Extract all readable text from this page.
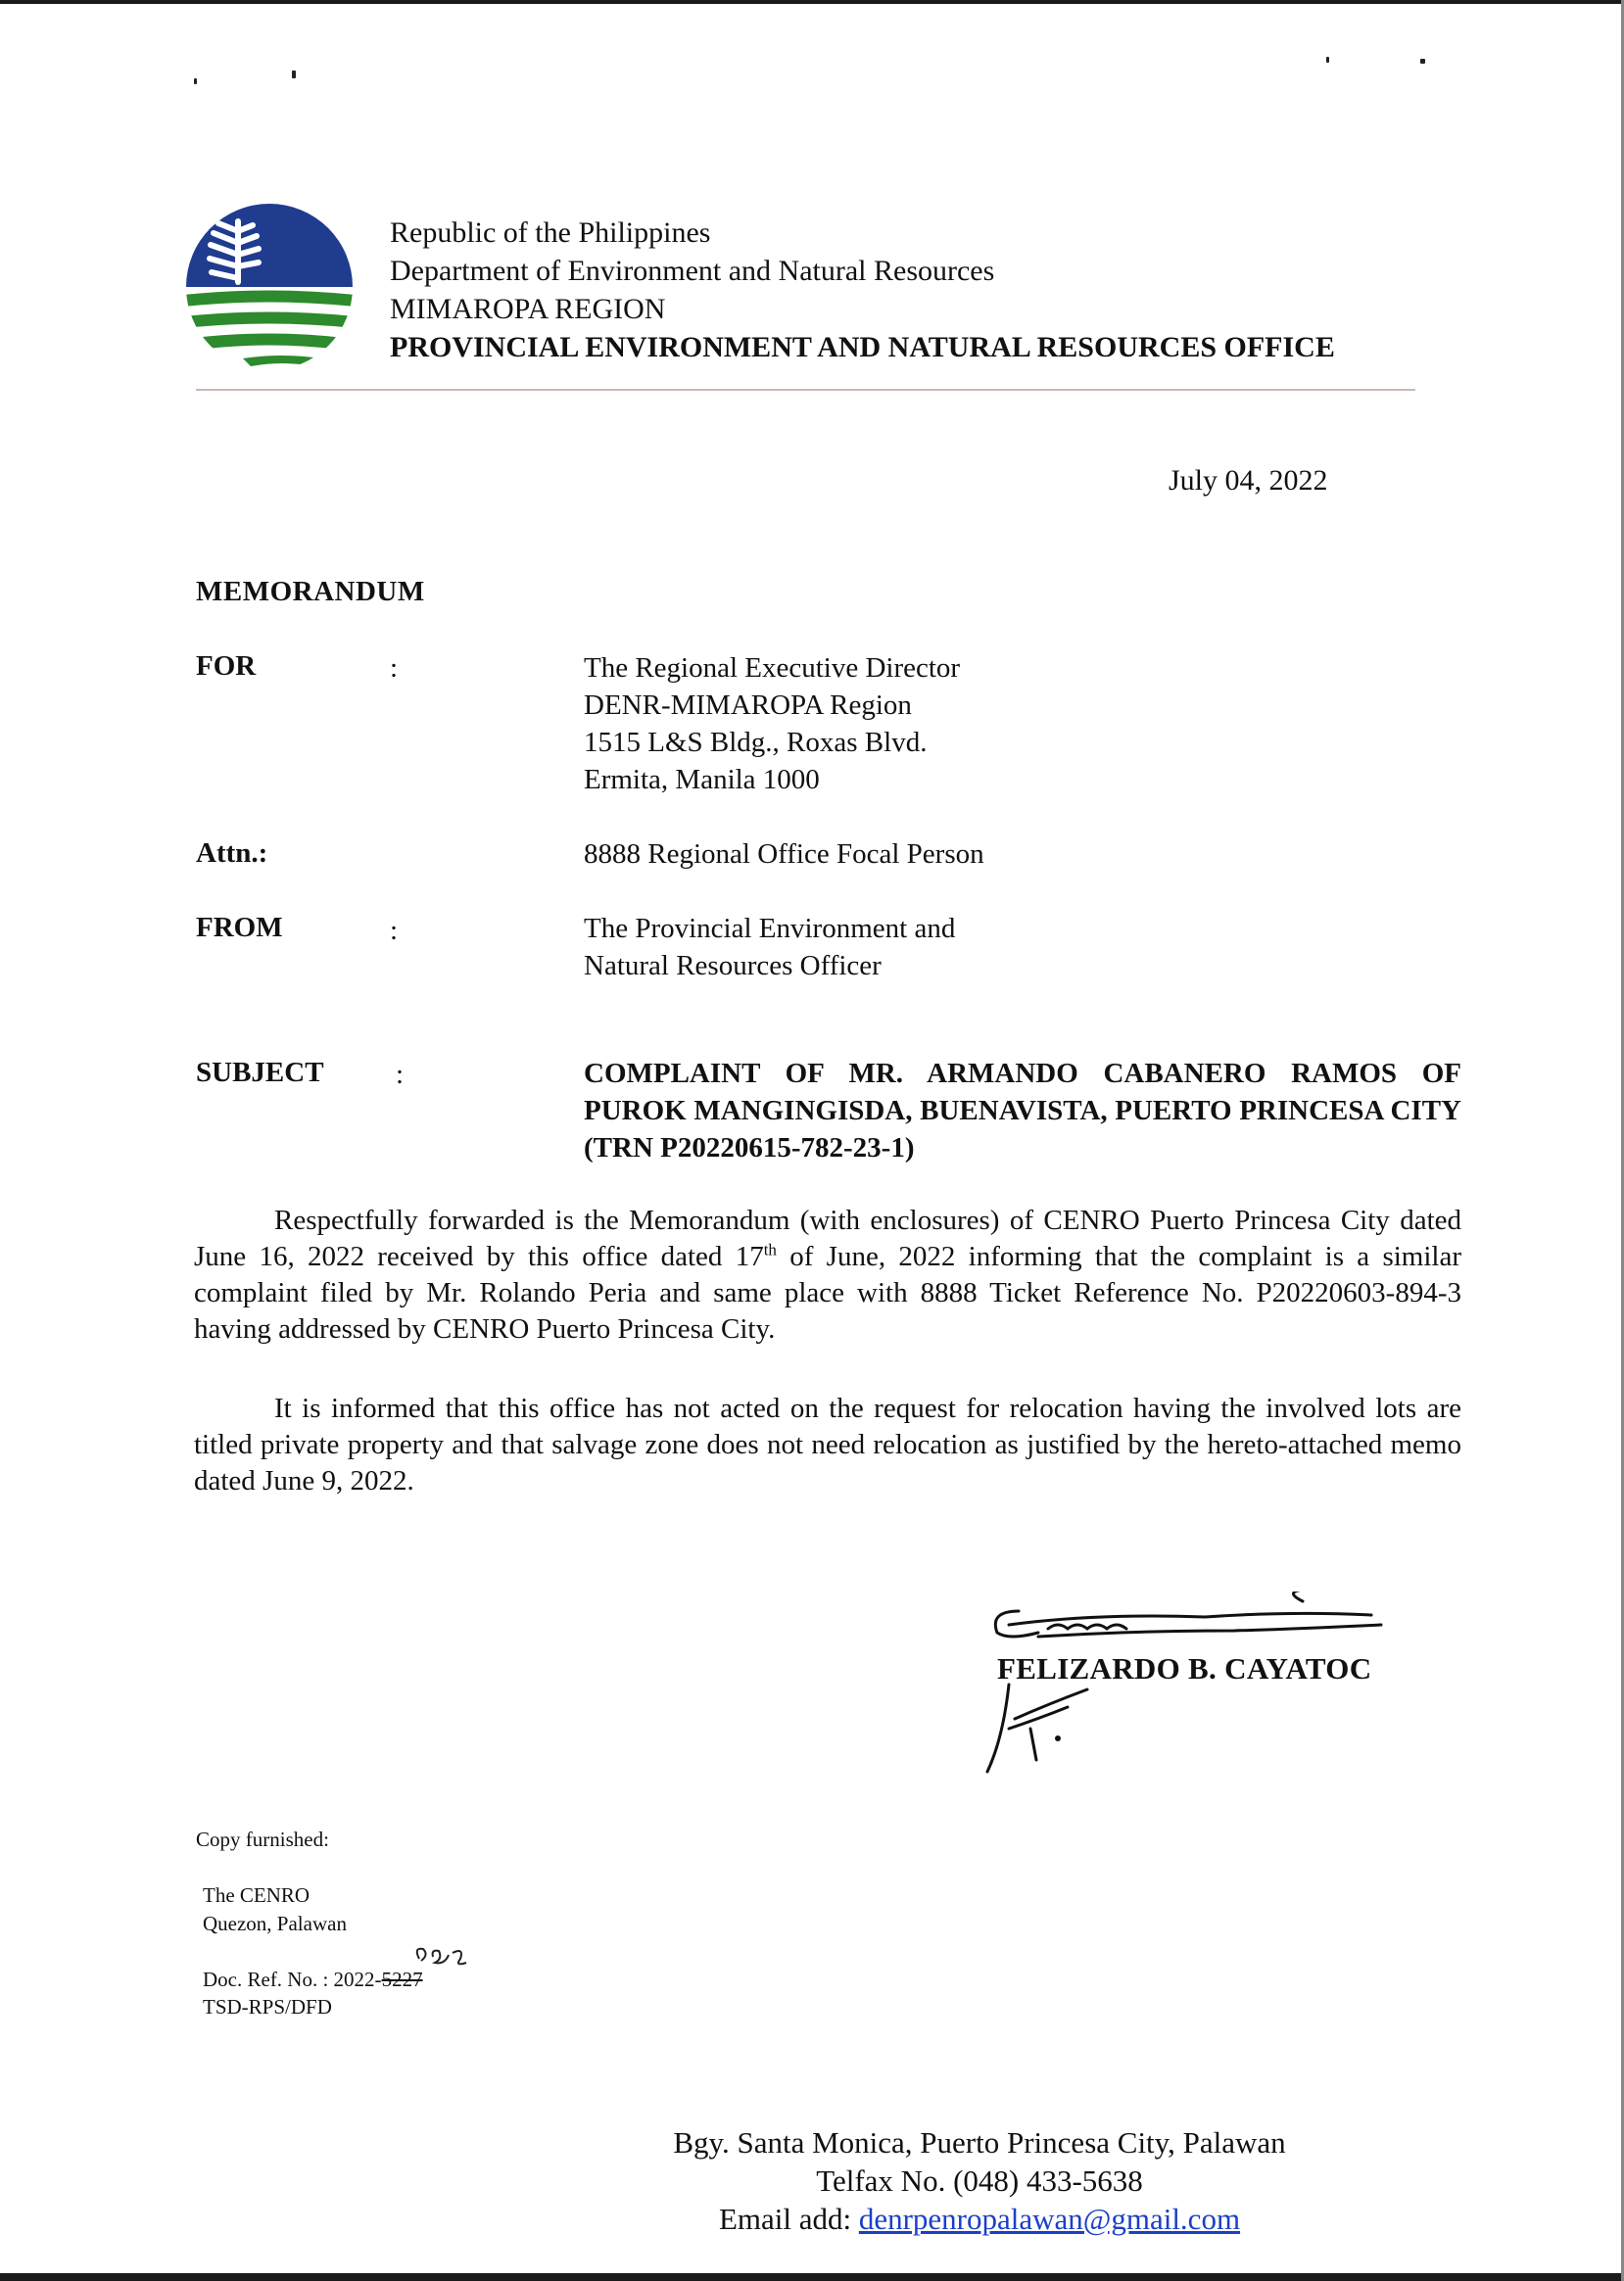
Republic of the Philippines
Department of Environment and Natural Resources
MIMAROPA REGION
PROVINCIAL ENVIRONMENT AND NATURAL RESOURCES OFFICE
July 04, 2022
MEMORANDUM
FOR	:	The Regional Executive Director
DENR-MIMAROPA Region
1515 L&S Bldg., Roxas Blvd.
Ermita, Manila 1000
Attn.:	8888 Regional Office Focal Person
FROM	:	The Provincial Environment and
Natural Resources Officer
SUBJECT	:	COMPLAINT OF MR. ARMANDO CABANERO RAMOS OF PUROK MANGINGISDA, BUENAVISTA, PUERTO PRINCESA CITY (TRN P20220615-782-23-1)
Respectfully forwarded is the Memorandum (with enclosures) of CENRO Puerto Princesa City dated June 16, 2022 received by this office dated 17th of June, 2022 informing that the complaint is a similar complaint filed by Mr. Rolando Peria and same place with 8888 Ticket Reference No. P20220603-894-3 having addressed by CENRO Puerto Princesa City.
It is informed that this office has not acted on the request for relocation having the involved lots are titled private property and that salvage zone does not need relocation as justified by the hereto-attached memo dated June 9, 2022.
FELIZARDO B. CAYATOC
Copy furnished:
The CENRO
Quezon, Palawan
Doc. Ref. No. : 2022-5227
TSD-RPS/DFD
Bgy. Santa Monica, Puerto Princesa City, Palawan
Telfax No. (048) 433-5638
Email add: denrpenropalawan@gmail.com
